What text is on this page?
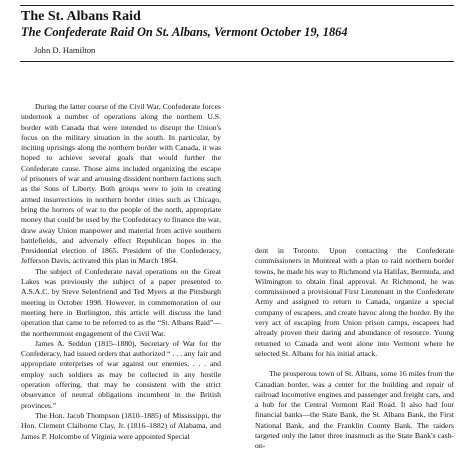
The St. Albans Raid
The Confederate Raid On St. Albans, Vermont October 19, 1864
John D. Hamilton

During the latter course of the Civil War, Confederate forces undertook a number of operations along the northern U.S. border with Canada that were intended to disrupt the Union's focus on the military situation in the south. In particular, by inciting uprisings along the northern border with Canada, it was hoped to achieve several goals that would further the Confederate cause. Those aims included organizing the escape of prisoners of war and arousing dissident northern factions such as the Sons of Liberty. Both groups were to join in creating armed insurrections in northern border cities such as Chicago, bring the horrors of war to the people of the north, appropriate money that could be used by the Confederacy to finance the war, draw away Union manpower and material from active southern battlefields, and adversely effect Republican hopes in the Presidential election of 1865. President of the Confederacy, Jefferson Davis, activated this plan in March 1864.

The subject of Confederate naval operations on the Great Lakes was previously the subject of a paper presented to A.S.A.C. by Steve Selenfriend and Ted Myers at the Pittsburgh meeting in October 1998. However, in commemoration of our meeting here in Burlington, this article will discuss the land operation that came to be referred to as the “St. Albans Raid”—the northernmost engagement of the Civil War.

James A. Seddon (1815–1880), Secretary of War for the Confederacy, had issued orders that authorized “ . . . any fair and appropriate enterprises of war against our enemies, . . . and employ such soldiers as may be collected in any hostile operation offering, that may be consistent with the strict observance of neutral obligations incumbent in the British provinces.”

The Hon. Jacob Thompson (1810–1885) of Mississippi, the Hon. Clement Claiborne Clay, Jr. (1816–1882) of Alabama, and James P. Holcombe of Virginia were appointed Special

dent in Toronto. Upon contacting the Confederate commissioners in Montreal with a plan to raid northern border towns, he made his way to Richmond via Halifax, Bermuda, and Wilmington to obtain final approval. At Richmond, he was commissioned a provisional First Lieutenant in the Confederate Army and assigned to return to Canada, organize a special company of escapees, and create havoc along the border. By the very act of escaping from Union prison camps, escapees had already proven their daring and abundance of resource. Young returned to Canada and went alone into Vermont where he selected St. Albans for his initial attack.

The prosperous town of St. Albans, some 16 miles from the Canadian border, was a center for the building and repair of railroad locomotive engines and passenger and freight cars, and a hub for the Central Vermont Rail Road. It also had four financial banks—the State Bank, the St. Albans Bank, the First National Bank, and the Franklin County Bank. The raiders targeted only the latter three inasmuch as the State Bank's cash-on-
